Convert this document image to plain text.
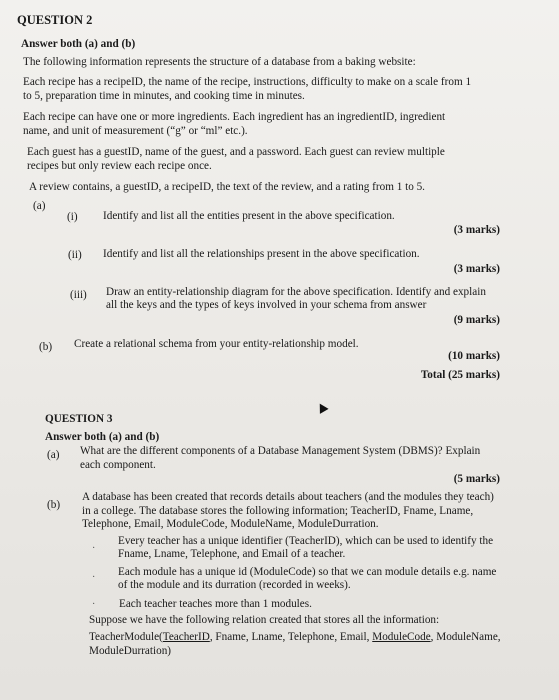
QUESTION 2
Answer both (a) and (b)
The following information represents the structure of a database from a baking website:
Each recipe has a recipeID, the name of the recipe, instructions, difficulty to make on a scale from 1
to 5, preparation time in minutes, and cooking time in minutes.
Each recipe can have one or more ingredients. Each ingredient has an ingredientID, ingredient
name, and unit of measurement (“g” or “ml” etc.).
Each guest has a guestID, name of the guest, and a password. Each guest can review multiple
recipes but only review each recipe once.
A review contains, a guestID, a recipeID, the text of the review, and a rating from 1 to 5.
(a)
(i) Identify and list all the entities present in the above specification.
(3 marks)
(ii) Identify and list all the relationships present in the above specification.
(3 marks)
(iii) Draw an entity-relationship diagram for the above specification. Identify and explain
all the keys and the types of keys involved in your schema from answer
(9 marks)
(b) Create a relational schema from your entity-relationship model.
(10 marks)
Total (25 marks)
QUESTION 3
Answer both (a) and (b)
(a) What are the different components of a Database Management System (DBMS)? Explain
each component.
(5 marks)
(b)
A database has been created that records details about teachers (and the modules they teach)
in a college. The database stores the following information; TeacherID, Fname, Lname,
Telephone, Email, ModuleCode, ModuleName, ModuleDurration.
·
Every teacher has a unique identifier (TeacherID), which can be used to identify the
Fname, Lname, Telephone, and Email of a teacher.
· Each module has a unique id (ModuleCode) so that we can module details e.g. name
of the module and its durration (recorded in weeks).
· Each teacher teaches more than 1 modules.
Suppose we have the following relation created that stores all the information:
TeacherModule(TeacherID, Fname, Lname, Telephone, Email, ModuleCode, ModuleName,
ModuleDurration)
